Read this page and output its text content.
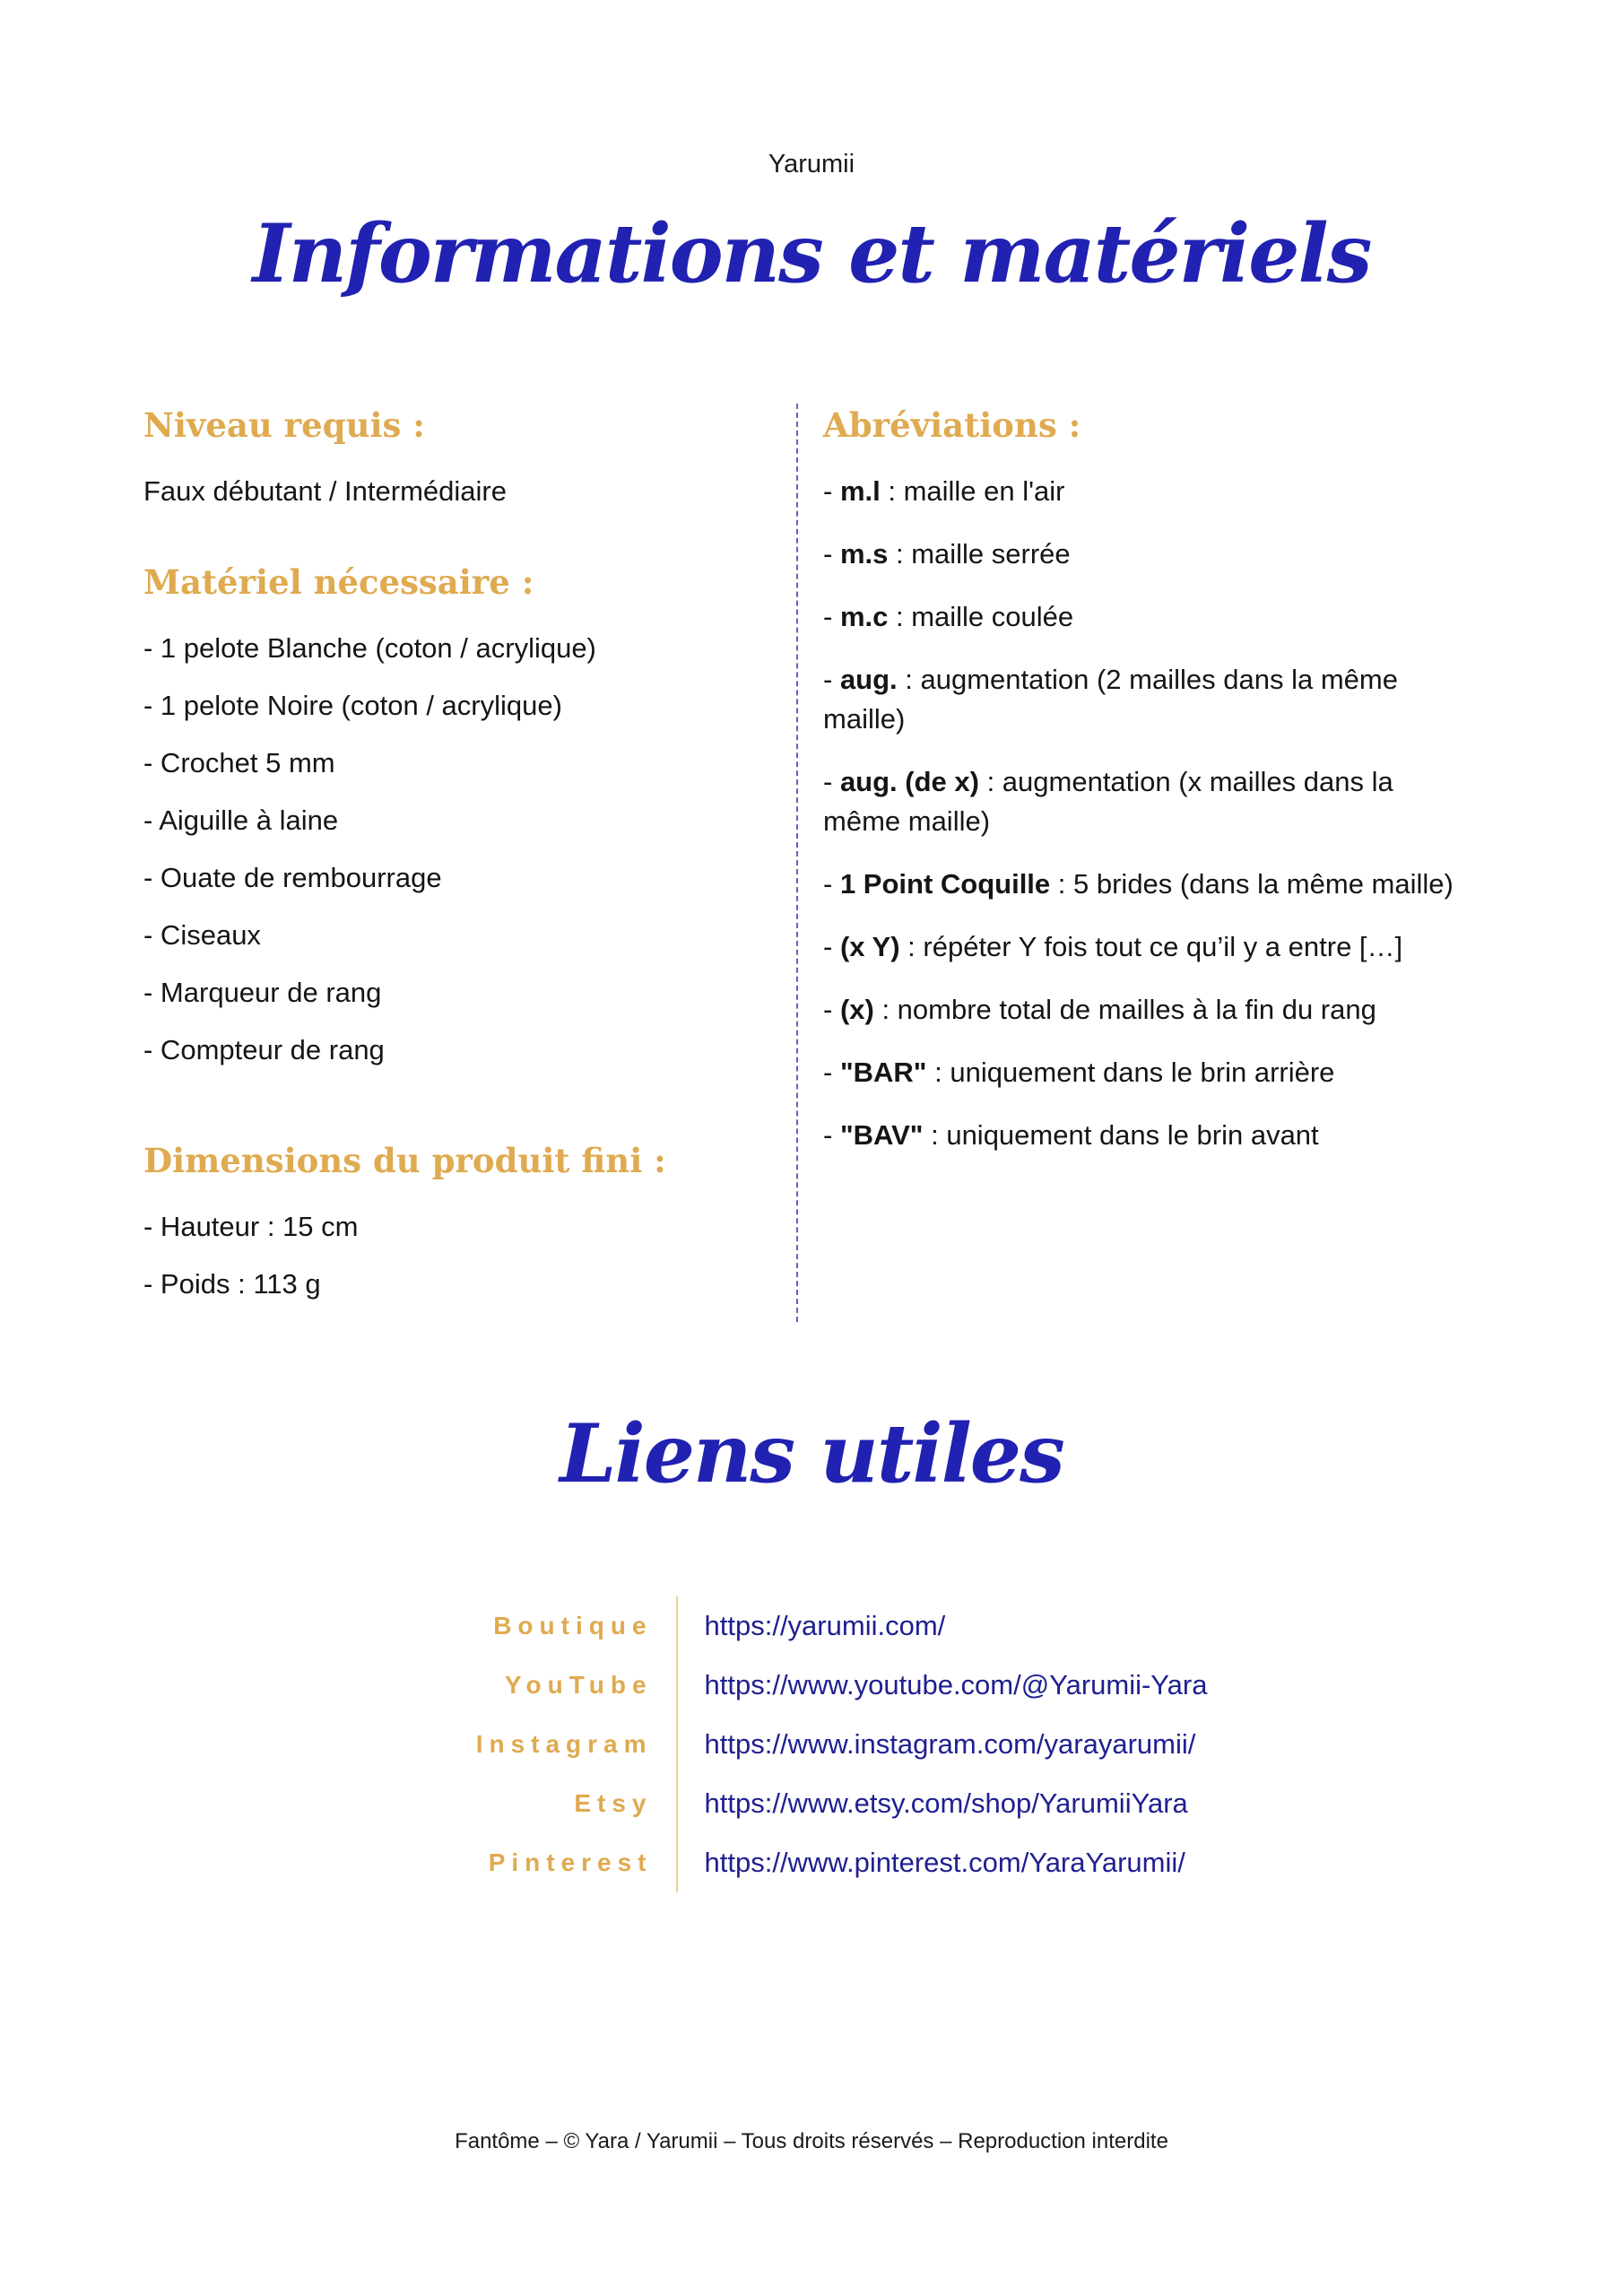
Yarumii
Informations et matériels
Niveau requis :

Faux débutant / Intermédiaire

Matériel nécessaire :

- 1 pelote Blanche (coton / acrylique)

- 1 pelote Noire (coton / acrylique)

- Crochet 5 mm

- Aiguille à laine

- Ouate de rembourrage

- Ciseaux

- Marqueur de rang

- Compteur de rang

Dimensions du produit fini :

- Hauteur : 15 cm

- Poids : 113 g

Abréviations :

- m.l : maille en l'air

- m.s : maille serrée

- m.c : maille coulée

- aug. : augmentation (2 mailles dans la même maille)

- aug. (de x) : augmentation (x mailles dans la même maille)

- 1 Point Coquille : 5 brides (dans la même maille)

- (x Y) : répéter Y fois tout ce qu’il y a entre […]

- (x) : nombre total de mailles à la fin du rang

- "BAR" : uniquement dans le brin arrière

- "BAV" : uniquement dans le brin avant

Liens utiles
Boutique	https://yarumii.com/
YouTube	https://www.youtube.com/@Yarumii-Yara
Instagram	https://www.instagram.com/yarayarumii/
Etsy	https://www.etsy.com/shop/YarumiiYara
Pinterest	https://www.pinterest.com/YaraYarumii/
Fantôme – © Yara / Yarumii – Tous droits réservés – Reproduction interdite
